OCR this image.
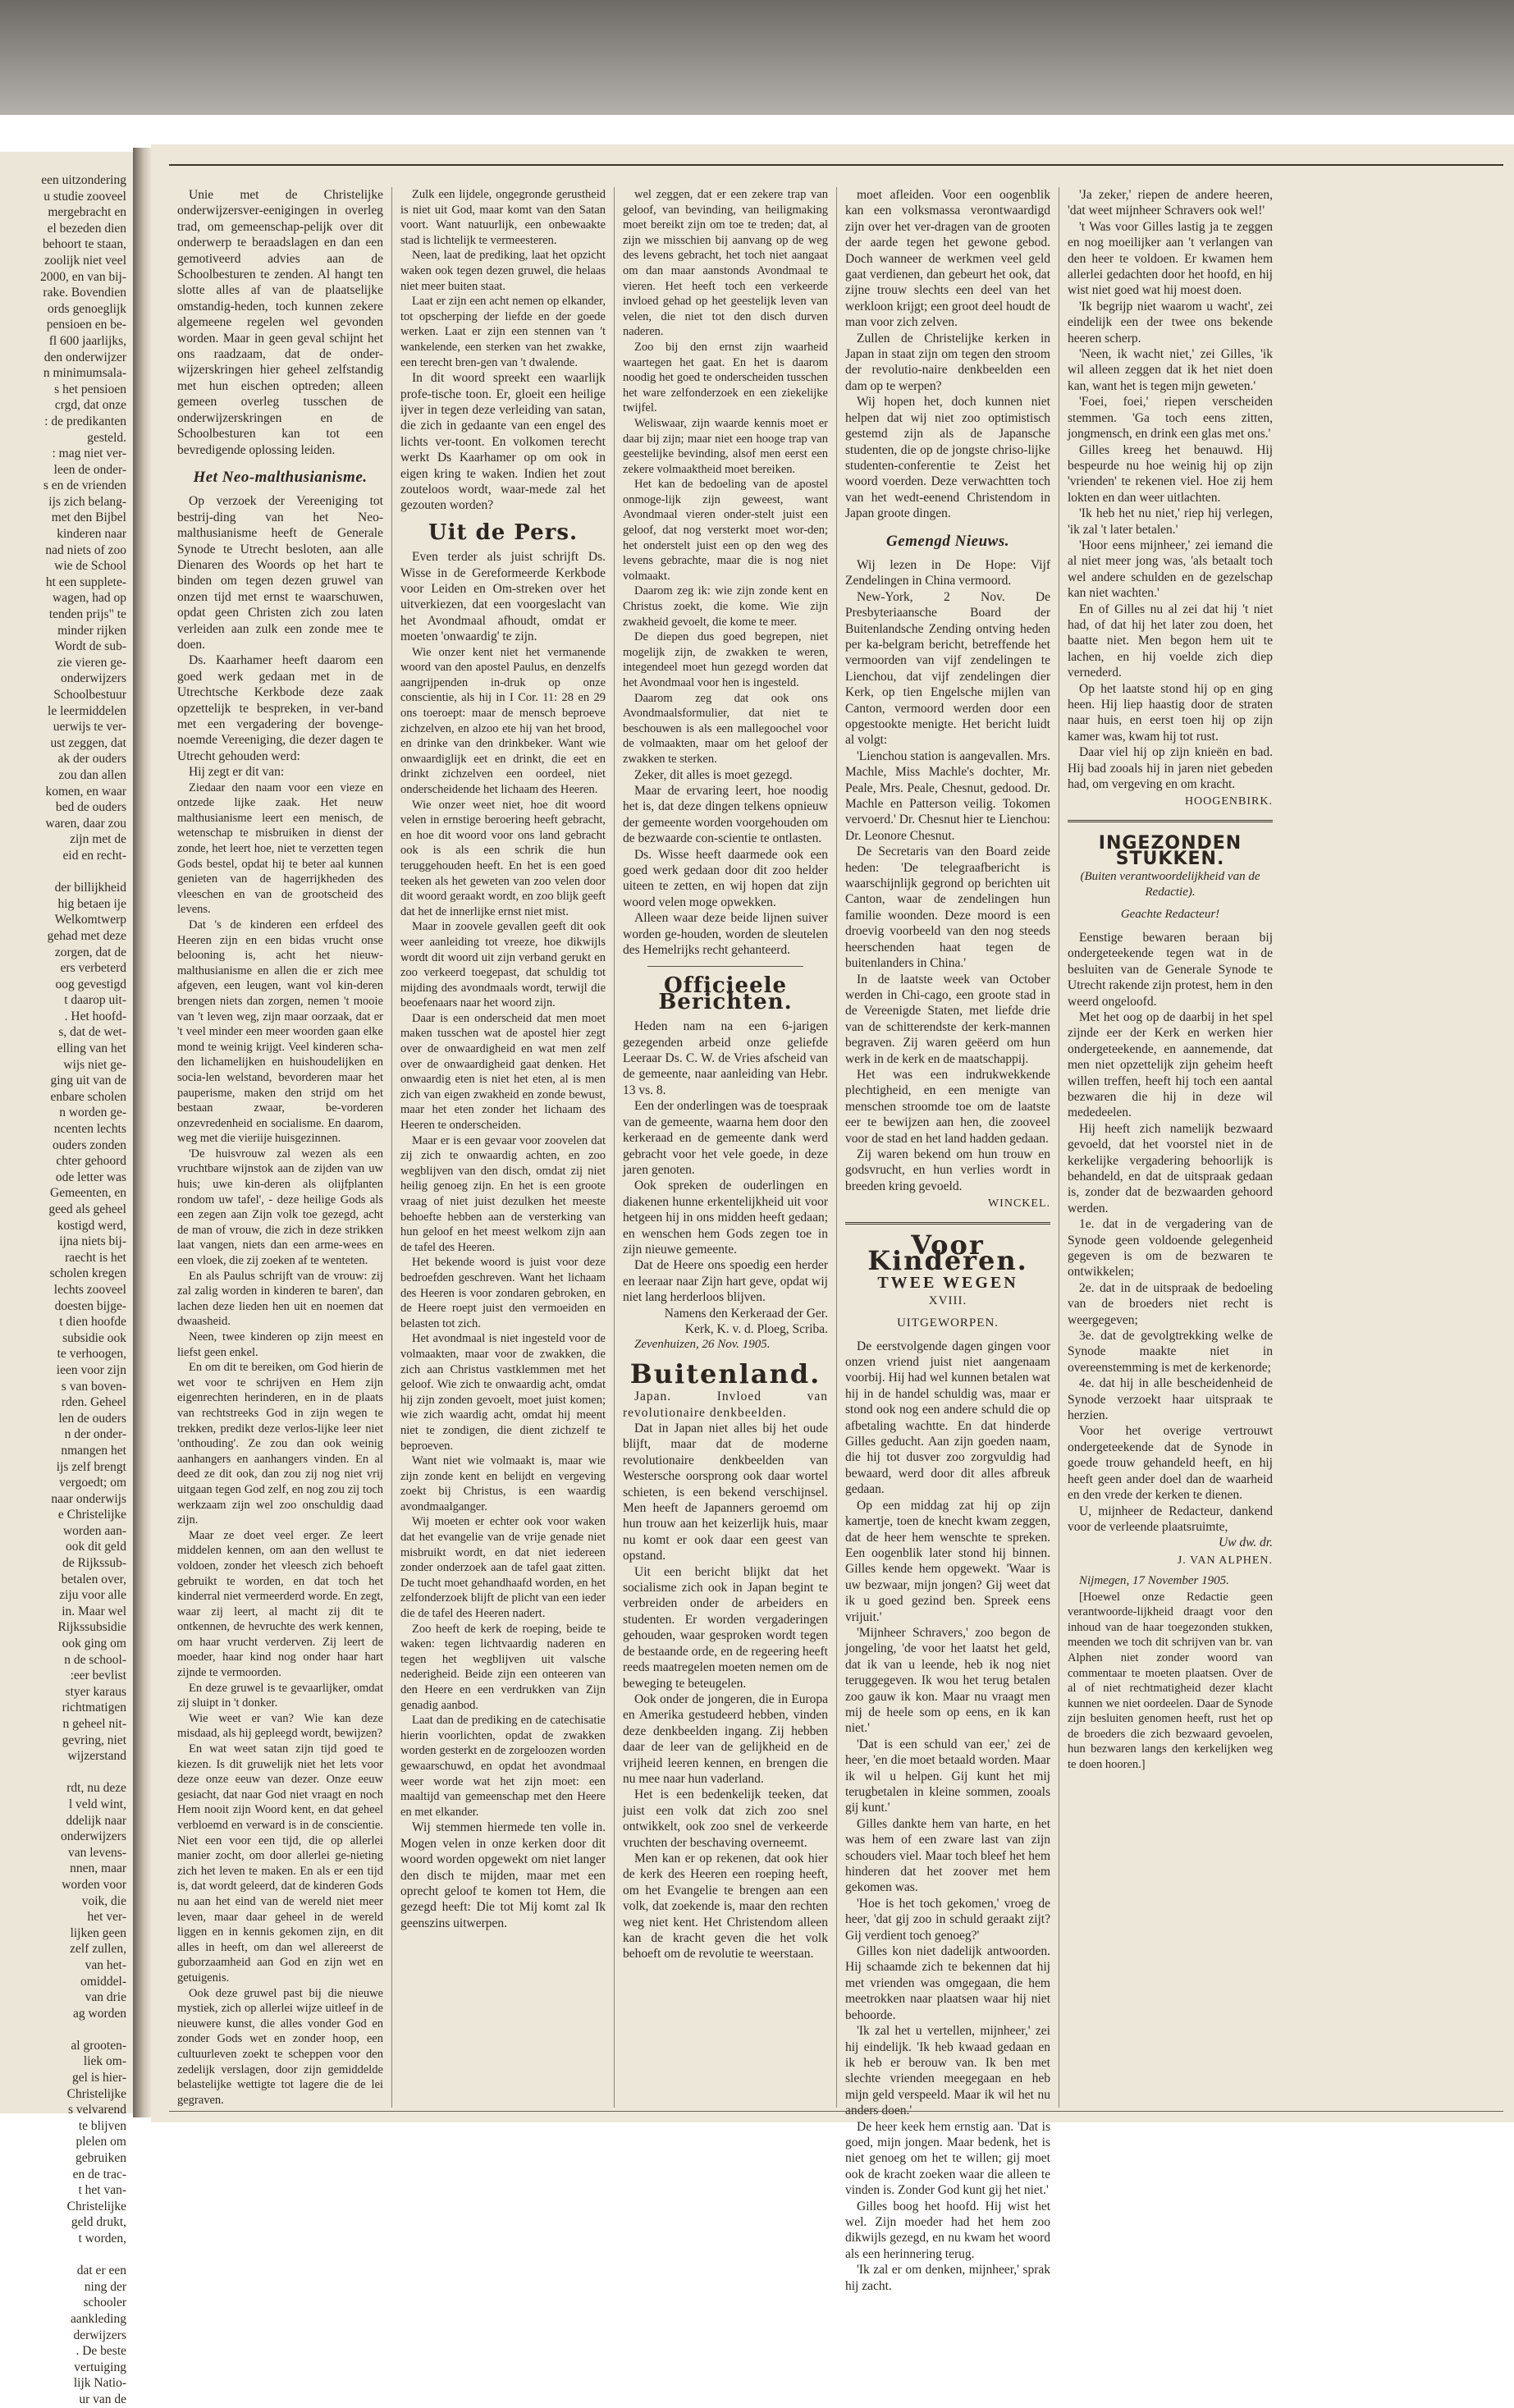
een uitzondering
u studie zooveel
mergebracht en
el bezeden dien
behoort te staan,
zoolijk niet veel
2000, en van bij-
rake. Bovendien
ords genoeglijk
pensioen en be-
fl 600 jaarlijks,
den onderwijzer
n minimumsala-
s het pensioen
crgd, dat onze
: de predikanten
gesteld.
: mag niet ver-
leen de onder-
s en de vrienden
ijs zich belang-
met den Bijbel
kinderen naar
nad niets of zoo
wie de School
ht een supplete-
wagen, had op
tenden prijs" te
minder rijken
Wordt de sub-
zie vieren ge-
onderwijzers
Schoolbestuur
le leermiddelen
uerwijs te ver-
ust zeggen, dat
ak der ouders
zou dan allen
komen, en waar
bed de ouders
waren, daar zou
zijn met de
eid en recht-

der billijkheid
hig betaen ije
Welkomtwerp
gehad met deze
zorgen, dat de
ers verbeterd
oog gevestigd
t daarop uit-
. Het hoofd-
s, dat de wet-
elling van het
wijs niet ge-
ging uit van de
enbare scholen
n worden ge-
ncenten lechts
ouders zonden
chter gehoord
ode letter was
Gemeenten, en
geed als geheel
kostigd werd,
ijna niets bij-
raecht is het
scholen kregen
lechts zooveel
doesten bijge-
t dien hoofde
subsidie ook
te verhoogen,
ieen voor zijn
s van boven-
rden. Geheel
len de ouders
n der onder-
nmangen het
ijs zelf brengt
vergoedt; om
naar onderwijs
e Christelijke
worden aan-
ook dit geld
de Rijkssub-
betalen over,
ziju voor alle
in. Maar wel
Rijkssubsidie
ook ging om
n de school-
:eer bevlist
styer karaus
richtmatigen
n geheel nit-
gevring, niet
wijzerstand

rdt, nu deze
l veld wint,
ddelijk naar
onderwijzers
van levens-
nnen, maar
worden voor
voik, die
het ver-
lijken geen
zelf zullen,
van het-
omiddel-
van drie
ag worden

al grooten-
liek om-
gel is hier-
Christelijke
s velvarend
te blijven
plelen om
gebruiken
en de trac-
t het van-
Christelijke
geld drukt,
t worden,

dat er een
ning der
schooler
aankleding
derwijzers
. De beste
vertuiging
lijk Natio-
ur van de

Unie met de Christelijke onderwijzersver-eenigingen in overleg trad, om gemeenschap-pelijk over dit onderwerp te beraadslagen en dan een gemotiveerd advies aan de Schoolbesturen te zenden. Al hangt ten slotte alles af van de plaatselijke omstandig-heden, toch kunnen zekere algemeene regelen wel gevonden worden. Maar in geen geval schijnt het ons raadzaam, dat de onder-wijzerskringen hier geheel zelfstandig met hun eischen optreden; alleen gemeen overleg tusschen de onderwijzerskringen en de Schoolbesturen kan tot een bevredigende oplossing leiden.

Het Neo-malthusianisme.

Op verzoek der Vereeniging tot bestrij-ding van het Neo-malthusianisme heeft de Generale Synode te Utrecht besloten, aan alle Dienaren des Woords op het hart te binden om tegen dezen gruwel van onzen tijd met ernst te waarschuwen, opdat geen Christen zich zou laten verleiden aan zulk een zonde mee te doen.

Ds. Kaarhamer heeft daarom een goed werk gedaan met in de Utrechtsche Kerkbode deze zaak opzettelijk te bespreken, in ver-band met een vergadering der bovenge-noemde Vereeniging, die dezer dagen te Utrecht gehouden werd:

Hij zegt er dit van:

Ziedaar den naam voor een vieze en ontzede lijke zaak. Het neuw malthusianisme leert een menisch, de wetenschap te misbruiken in dienst der zonde, het leert hoe, niet te verzetten tegen Gods bestel, opdat hij te beter aal kunnen genieten van de hagerrijkheden des vleeschen en van de grootscheid des levens.

Dat 's de kinderen een erfdeel des Heeren zijn en een bidas vrucht onse belooning is, acht het nieuw-malthusianisme en allen die er zich mee afgeven, een leugen, want vol kin-deren brengen niets dan zorgen, nemen 't mooie van 't leven weg, zijn maar oorzaak, dat er 't veel minder een meer woorden gaan elke mond te weinig krijgt. Veel kinderen scha-den lichamelijken en huishoudelijken en socia-len welstand, bevorderen maar het pauperisme, maken den strijd om het bestaan zwaar, be-vorderen onzevredenheid en socialisme. En daarom, weg met die vieriije huisgezinnen.

'De huisvrouw zal wezen als een vruchtbare wijnstok aan de zijden van uw huis; uwe kin-deren als olijfplanten rondom uw tafel', - deze heilige Gods als een zegen aan Zijn volk toe gezegd, acht de man of vrouw, die zich in deze strikken laat vangen, niets dan een arme-wees en een vloek, die zij zoeken af te wenteten.

En als Paulus schrijft van de vrouw: zij zal zalig worden in kinderen te baren', dan lachen deze lieden hen uit en noemen dat dwaasheid.

Neen, twee kinderen op zijn meest en liefst geen enkel.

En om dit te bereiken, om God hierin de wet voor te schrijven en Hem zijn eigenrechten herinderen, en in de plaats van rechtstreeks God in zijn wegen te trekken, predikt deze verlos-lijke leer niet 'onthouding'. Ze zou dan ook weinig aanhangers en aanhangers vinden. En al deed ze dit ook, dan zou zij nog niet vrij uitgaan tegen God zelf, en nog zou zij toch werkzaam zijn wel zoo onschuldig daad zijn.

Maar ze doet veel erger. Ze leert middelen kennen, om aan den wellust te voldoen, zonder het vleesch zich behoeft gebruikt te worden, en dat toch het kinderral niet vermeerderd worde. En zegt, waar zij leert, al macht zij dit te ontkennen, de hevruchte des werk kennen, om haar vrucht verderven. Zij leert de moeder, haar kind nog onder haar hart zijnde te vermoorden.

En deze gruwel is te gevaarlijker, omdat zij sluipt in 't donker.

Wie weet er van? Wie kan deze misdaad, als hij gepleegd wordt, bewijzen?

En wat weet satan zijn tijd goed te kiezen. Is dit gruwelijk niet het lets voor deze onze eeuw van dezer. Onze eeuw gesiacht, dat naar God niet vraagt en noch Hem nooit zijn Woord kent, en dat geheel verbloemd en verward is in de conscientie. Niet een voor een tijd, die op allerlei manier zocht, om door allerlei ge-nieting zich het leven te maken. En als er een tijd is, dat wordt geleerd, dat de kinderen Gods nu aan het eind van de wereld niet meer leven, maar daar geheel in de wereld liggen en in kennis gekomen zijn, en dit alles in heeft, om dan wel allereerst de guborzaamheid aan God en zijn wet en getuigenis.

Ook deze gruwel past bij die nieuwe mystiek, zich op allerlei wijze uitleef in de nieuwere kunst, die alles vonder God en zonder Gods wet en zonder hoop, een cultuurleven zoekt te scheppen voor den zedelijk verslagen, door zijn gemiddelde belastelijke wettigte tot lagere die de lei gegraven.

Zulk een lijdele, ongegronde gerustheid is niet uit God, maar komt van den Satan voort. Want natuurlijk, een onbewaakte stad is lichtelijk te vermeesteren.

Neen, laat de prediking, laat het opzicht waken ook tegen dezen gruwel, die helaas niet meer buiten staat.

Laat er zijn een acht nemen op elkander, tot opscherping der liefde en der goede werken. Laat er zijn een stennen van 't wankelende, een sterken van het zwakke, een terecht bren-gen van 't dwalende.

In dit woord spreekt een waarlijk profe-tische toon. Er, gloeit een heilige ijver in tegen deze verleiding van satan, die zich in gedaante van een engel des lichts ver-toont. En volkomen terecht werkt Ds Kaarhamer op om ook in eigen kring te waken. Indien het zout zouteloos wordt, waar-mede zal het gezouten worden?

Uit de Pers.

Even terder als juist schrijft Ds. Wisse in de Gereformeerde Kerkbode voor Leiden en Om-streken over het uitverkiezen, dat een voorgeslacht van het Avondmaal afhoudt, omdat er moeten 'onwaardig' te zijn.

Wie onzer kent niet het vermanende woord van den apostel Paulus, en denzelfs aangrijpenden in-druk op onze conscientie, als hij in I Cor. 11: 28 en 29 ons toeroept: maar de mensch beproeve zichzelven, en alzoo ete hij van het brood, en drinke van den drinkbeker. Want wie onwaardiglijk eet en drinkt, die eet en drinkt zichzelven een oordeel, niet onderscheidende het lichaam des Heeren.

Wie onzer weet niet, hoe dit woord velen in ernstige beroering heeft gebracht, en hoe dit woord voor ons land gebracht ook is als een schrik die hun teruggehouden heeft. En het is een goed teeken als het geweten van zoo velen door dit woord geraakt wordt, en zoo blijk geeft dat het de innerlijke ernst niet mist.

Maar in zoovele gevallen geeft dit ook weer aanleiding tot vreeze, hoe dikwijls wordt dit woord uit zijn verband gerukt en zoo verkeerd toegepast, dat schuldig tot mijding des avondmaals wordt, terwijl die beoefenaars naar het woord zijn.

Daar is een onderscheid dat men moet maken tusschen wat de apostel hier zegt over de onwaardigheid en wat men zelf over de onwaardigheid gaat denken. Het onwaardig eten is niet het eten, al is men zich van eigen zwakheid en zonde bewust, maar het eten zonder het lichaam des Heeren te onderscheiden.

Maar er is een gevaar voor zoovelen dat zij zich te onwaardig achten, en zoo wegblijven van den disch, omdat zij niet heilig genoeg zijn. En het is een groote vraag of niet juist dezulken het meeste behoefte hebben aan de versterking van hun geloof en het meest welkom zijn aan de tafel des Heeren.

Het bekende woord is juist voor deze bedroefden geschreven. Want het lichaam des Heeren is voor zondaren gebroken, en de Heere roept juist den vermoeiden en belasten tot zich.

Het avondmaal is niet ingesteld voor de volmaakten, maar voor de zwakken, die zich aan Christus vastklemmen met het geloof. Wie zich te onwaardig acht, omdat hij zijn zonden gevoelt, moet juist komen; wie zich waardig acht, omdat hij meent niet te zondigen, die dient zichzelf te beproeven.

Want niet wie volmaakt is, maar wie zijn zonde kent en belijdt en vergeving zoekt bij Christus, is een waardig avondmaalganger.

Wij moeten er echter ook voor waken dat het evangelie van de vrije genade niet misbruikt wordt, en dat niet iedereen zonder onderzoek aan de tafel gaat zitten. De tucht moet gehandhaafd worden, en het zelfonderzoek blijft de plicht van een ieder die de tafel des Heeren nadert.

Zoo heeft de kerk de roeping, beide te waken: tegen lichtvaardig naderen en tegen het wegblijven uit valsche nederigheid. Beide zijn een onteeren van den Heere en een verdrukken van Zijn genadig aanbod.

Laat dan de prediking en de catechisatie hierin voorlichten, opdat de zwakken worden gesterkt en de zorgeloozen worden gewaarschuwd, en opdat het avondmaal weer worde wat het zijn moet: een maaltijd van gemeenschap met den Heere en met elkander.

Wij stemmen hiermede ten volle in. Mogen velen in onze kerken door dit woord worden opgewekt om niet langer den disch te mijden, maar met een oprecht geloof te komen tot Hem, die gezegd heeft: Die tot Mij komt zal Ik geenszins uitwerpen.

wel zeggen, dat er een zekere trap van geloof, van bevinding, van heiligmaking moet bereikt zijn om toe te treden; dat, al zijn we misschien bij aanvang op de weg des levens gebracht, het toch niet aangaat om dan maar aanstonds Avondmaal te vieren. Het heeft toch een verkeerde invloed gehad op het geestelijk leven van velen, die niet tot den disch durven naderen.

Zoo bij den ernst zijn waarheid waartegen het gaat. En het is daarom noodig het goed te onderscheiden tusschen het ware zelfonderzoek en een ziekelijke twijfel.

Weliswaar, zijn waarde kennis moet er daar bij zijn; maar niet een hooge trap van geestelijke bevinding, alsof men eerst een zekere volmaaktheid moet bereiken.

Het kan de bedoeling van de apostel onmoge-lijk zijn geweest, want Avondmaal vieren onder-stelt juist een geloof, dat nog versterkt moet wor-den; het onderstelt juist een op den weg des levens gebrachte, maar die is nog niet volmaakt.

Daarom zeg ik: wie zijn zonde kent en Christus zoekt, die kome. Wie zijn zwakheid gevoelt, die kome te meer.

De diepen dus goed begrepen, niet mogelijk zijn, de zwakken te weren, integendeel moet hun gezegd worden dat het Avondmaal voor hen is ingesteld.

Daarom zeg dat ook ons Avondmaalsformulier, dat niet te beschouwen is als een mallegoochel voor de volmaakten, maar om het geloof der zwakken te sterken.

Zeker, dit alles is moet gezegd.

Maar de ervaring leert, hoe noodig het is, dat deze dingen telkens opnieuw der gemeente worden voorgehouden om de bezwaarde con-scientie te ontlasten.

Ds. Wisse heeft daarmede ook een goed werk gedaan door dit zoo helder uiteen te zetten, en wij hopen dat zijn woord velen moge opwekken.

Alleen waar deze beide lijnen suiver worden ge-houden, worden de sleutelen des Hemelrijks recht gehanteerd.

Officieele Berichten.

Heden nam na een 6-jarigen gezegenden arbeid onze geliefde Leeraar Ds. C. W. de Vries afscheid van de gemeente, naar aanleiding van Hebr. 13 vs. 8.

Een der onderlingen was de toespraak van de gemeente, waarna hem door den kerkeraad en de gemeente dank werd gebracht voor het vele goede, in deze jaren genoten.

Ook spreken de ouderlingen en diakenen hunne erkentelijkheid uit voor hetgeen hij in ons midden heeft gedaan; en wenschen hem Gods zegen toe in zijn nieuwe gemeente.

Dat de Heere ons spoedig een herder en leeraar naar Zijn hart geve, opdat wij niet lang herderloos blijven.

Namens den Kerkeraad der Ger. Kerk, K. v. d. Ploeg, Scriba.

Zevenhuizen, 26 Nov. 1905.

Buitenland.

Japan. Invloed van revolutionaire denkbeelden.

Dat in Japan niet alles bij het oude blijft, maar dat de moderne revolutionaire denkbeelden van Westersche oorsprong ook daar wortel schieten, is een bekend verschijnsel. Men heeft de Japanners geroemd om hun trouw aan het keizerlijk huis, maar nu komt er ook daar een geest van opstand.

Uit een bericht blijkt dat het socialisme zich ook in Japan begint te verbreiden onder de arbeiders en studenten. Er worden vergaderingen gehouden, waar gesproken wordt tegen de bestaande orde, en de regeering heeft reeds maatregelen moeten nemen om de beweging te beteugelen.

Ook onder de jongeren, die in Europa en Amerika gestudeerd hebben, vinden deze denkbeelden ingang. Zij hebben daar de leer van de gelijkheid en de vrijheid leeren kennen, en brengen die nu mee naar hun vaderland.

Het is een bedenkelijk teeken, dat juist een volk dat zich zoo snel ontwikkelt, ook zoo snel de verkeerde vruchten der beschaving overneemt.

Men kan er op rekenen, dat ook hier de kerk des Heeren een roeping heeft, om het Evangelie te brengen aan een volk, dat zoekende is, maar den rechten weg niet kent. Het Christendom alleen kan de kracht geven die het volk behoeft om de revolutie te weerstaan.

moet afleiden. Voor een oogenblik kan een volksmassa verontwaardigd zijn over het ver-dragen van de grooten der aarde tegen het gewone gebod. Doch wanneer de werkmen veel geld gaat verdienen, dan gebeurt het ook, dat zijne trouw slechts een deel van het werkloon krijgt; een groot deel houdt de man voor zich zelven.

Zullen de Christelijke kerken in Japan in staat zijn om tegen den stroom der revolutio-naire denkbeelden een dam op te werpen?

Wij hopen het, doch kunnen niet helpen dat wij niet zoo optimistisch gestemd zijn als de Japansche studenten, die op de jongste chriso-lijke studenten-conferentie te Zeist het woord voerden. Deze verwachtten toch van het wedt-eenend Christendom in Japan groote dingen.

Gemengd Nieuws.

Wij lezen in De Hope: Vijf Zendelingen in China vermoord.

New-York, 2 Nov. De Presbyteriaansche Board der Buitenlandsche Zending ontving heden per ka-belgram bericht, betreffende het vermoorden van vijf zendelingen te Lienchou, dat vijf zendelingen dier Kerk, op tien Engelsche mijlen van Canton, vermoord werden door een opgestookte menigte. Het bericht luidt al volgt:

'Lienchou station is aangevallen. Mrs. Machle, Miss Machle's dochter, Mr. Peale, Mrs. Peale, Chesnut, gedood. Dr. Machle en Patterson veilig. Tokomen vervoerd.' Dr. Chesnut hier te Lienchou: Dr. Leonore Chesnut.

De Secretaris van den Board zeide heden: 'De telegraafbericht is waarschijnlijk gegrond op berichten uit Canton, waar de zendelingen hun familie woonden. Deze moord is een droevig voorbeeld van den nog steeds heerschenden haat tegen de buitenlanders in China.'

In de laatste week van October werden in Chi-cago, een groote stad in de Vereenigde Staten, met liefde drie van de schitterendste der kerk-mannen begraven. Zij waren geëerd om hun werk in de kerk en de maatschappij.

Het was een indrukwekkende plechtigheid, en een menigte van menschen stroomde toe om de laatste eer te bewijzen aan hen, die zooveel voor de stad en het land hadden gedaan.

Zij waren bekend om hun trouw en godsvrucht, en hun verlies wordt in breeden kring gevoeld.

WINCKEL.
Voor Kinderen.
TWEE WEGEN
XVIII.
UITGEWORPEN.

De eerstvolgende dagen gingen voor onzen vriend juist niet aangenaam voorbij. Hij had wel kunnen betalen wat hij in de handel schuldig was, maar er stond ook nog een andere schuld die op afbetaling wachtte. En dat hinderde Gilles geducht. Aan zijn goeden naam, die hij tot dusver zoo zorgvuldig had bewaard, werd door dit alles afbreuk gedaan.

Op een middag zat hij op zijn kamertje, toen de knecht kwam zeggen, dat de heer hem wenschte te spreken. Een oogenblik later stond hij binnen. Gilles kende hem opgewekt. 'Waar is uw bezwaar, mijn jongen? Gij weet dat ik u goed gezind ben. Spreek eens vrijuit.'

'Mijnheer Schravers,' zoo begon de jongeling, 'de voor het laatst het geld, dat ik van u leende, heb ik nog niet teruggegeven. Ik wou het terug betalen zoo gauw ik kon. Maar nu vraagt men mij de heele som op eens, en ik kan niet.'

'Dat is een schuld van eer,' zei de heer, 'en die moet betaald worden. Maar ik wil u helpen. Gij kunt het mij terugbetalen in kleine sommen, zooals gij kunt.'

Gilles dankte hem van harte, en het was hem of een zware last van zijn schouders viel. Maar toch bleef het hem hinderen dat het zoover met hem gekomen was.

'Hoe is het toch gekomen,' vroeg de heer, 'dat gij zoo in schuld geraakt zijt? Gij verdient toch genoeg?'

Gilles kon niet dadelijk antwoorden. Hij schaamde zich te bekennen dat hij met vrienden was omgegaan, die hem meetrokken naar plaatsen waar hij niet behoorde.

'Ik zal het u vertellen, mijnheer,' zei hij eindelijk. 'Ik heb kwaad gedaan en ik heb er berouw van. Ik ben met slechte vrienden meegegaan en heb mijn geld verspeeld. Maar ik wil het nu anders doen.'

De heer keek hem ernstig aan. 'Dat is goed, mijn jongen. Maar bedenk, het is niet genoeg om het te willen; gij moet ook de kracht zoeken waar die alleen te vinden is. Zonder God kunt gij het niet.'

Gilles boog het hoofd. Hij wist het wel. Zijn moeder had het hem zoo dikwijls gezegd, en nu kwam het woord als een herinnering terug.

'Ik zal er om denken, mijnheer,' sprak hij zacht.

'Ja zeker,' riepen de andere heeren, 'dat weet mijnheer Schravers ook wel!'

't Was voor Gilles lastig ja te zeggen en nog moeilijker aan 't verlangen van den heer te voldoen. Er kwamen hem allerlei gedachten door het hoofd, en hij wist niet goed wat hij moest doen.

'Ik begrijp niet waarom u wacht', zei eindelijk een der twee ons bekende heeren scherp.

'Neen, ik wacht niet,' zei Gilles, 'ik wil alleen zeggen dat ik het niet doen kan, want het is tegen mijn geweten.'

'Foei, foei,' riepen verscheiden stemmen. 'Ga toch eens zitten, jongmensch, en drink een glas met ons.'

Gilles kreeg het benauwd. Hij bespeurde nu hoe weinig hij op zijn 'vrienden' te rekenen viel. Hoe zij hem lokten en dan weer uitlachten.

'Ik heb het nu niet,' riep hij verlegen, 'ik zal 't later betalen.'

'Hoor eens mijnheer,' zei iemand die al niet meer jong was, 'als betaalt toch wel andere schulden en de gezelschap kan niet wachten.'

En of Gilles nu al zei dat hij 't niet had, of dat hij het later zou doen, het baatte niet. Men begon hem uit te lachen, en hij voelde zich diep vernederd.

Op het laatste stond hij op en ging heen. Hij liep haastig door de straten naar huis, en eerst toen hij op zijn kamer was, kwam hij tot rust.

Daar viel hij op zijn knieën en bad. Hij bad zooals hij in jaren niet gebeden had, om vergeving en om kracht.

HOOGENBIRK.
INGEZONDEN STUKKEN.
(Buiten verantwoordelijkheid van de Redactie).
Geachte Redacteur!

Eenstige bewaren beraan bij ondergeteekende tegen wat in de besluiten van de Generale Synode te Utrecht rakende zijn protest, hem in den weerd ongeloofd.

Met het oog op de daarbij in het spel zijnde eer der Kerk en werken hier ondergeteekende, en aannemende, dat men niet opzettelijk zijn geheim heeft willen treffen, heeft hij toch een aantal bezwaren die hij in deze wil mededeelen.

Hij heeft zich namelijk bezwaard gevoeld, dat het voorstel niet in de kerkelijke vergadering behoorlijk is behandeld, en dat de uitspraak gedaan is, zonder dat de bezwaarden gehoord werden.

1e. dat in de vergadering van de Synode geen voldoende gelegenheid gegeven is om de bezwaren te ontwikkelen;

2e. dat in de uitspraak de bedoeling van de broeders niet recht is weergegeven;

3e. dat de gevolgtrekking welke de Synode maakte niet in overeenstemming is met de kerkenorde;

4e. dat hij in alle bescheidenheid de Synode verzoekt haar uitspraak te herzien.

Voor het overige vertrouwt ondergeteekende dat de Synode in goede trouw gehandeld heeft, en hij heeft geen ander doel dan de waarheid en den vrede der kerken te dienen.

U, mijnheer de Redacteur, dankend voor de verleende plaatsruimte,

Uw dw. dr.

J. VAN ALPHEN.

Nijmegen, 17 November 1905.

[Hoewel onze Redactie geen verantwoorde-lijkheid draagt voor den inhoud van de haar toegezonden stukken, meenden we toch dit schrijven van br. van Alphen niet zonder woord van commentaar te moeten plaatsen. Over de al of niet rechtmatigheid dezer klacht kunnen we niet oordeelen. Daar de Synode zijn besluiten genomen heeft, rust het op de broeders die zich bezwaard gevoelen, hun bezwaren langs den kerkelijken weg te doen hooren.]
